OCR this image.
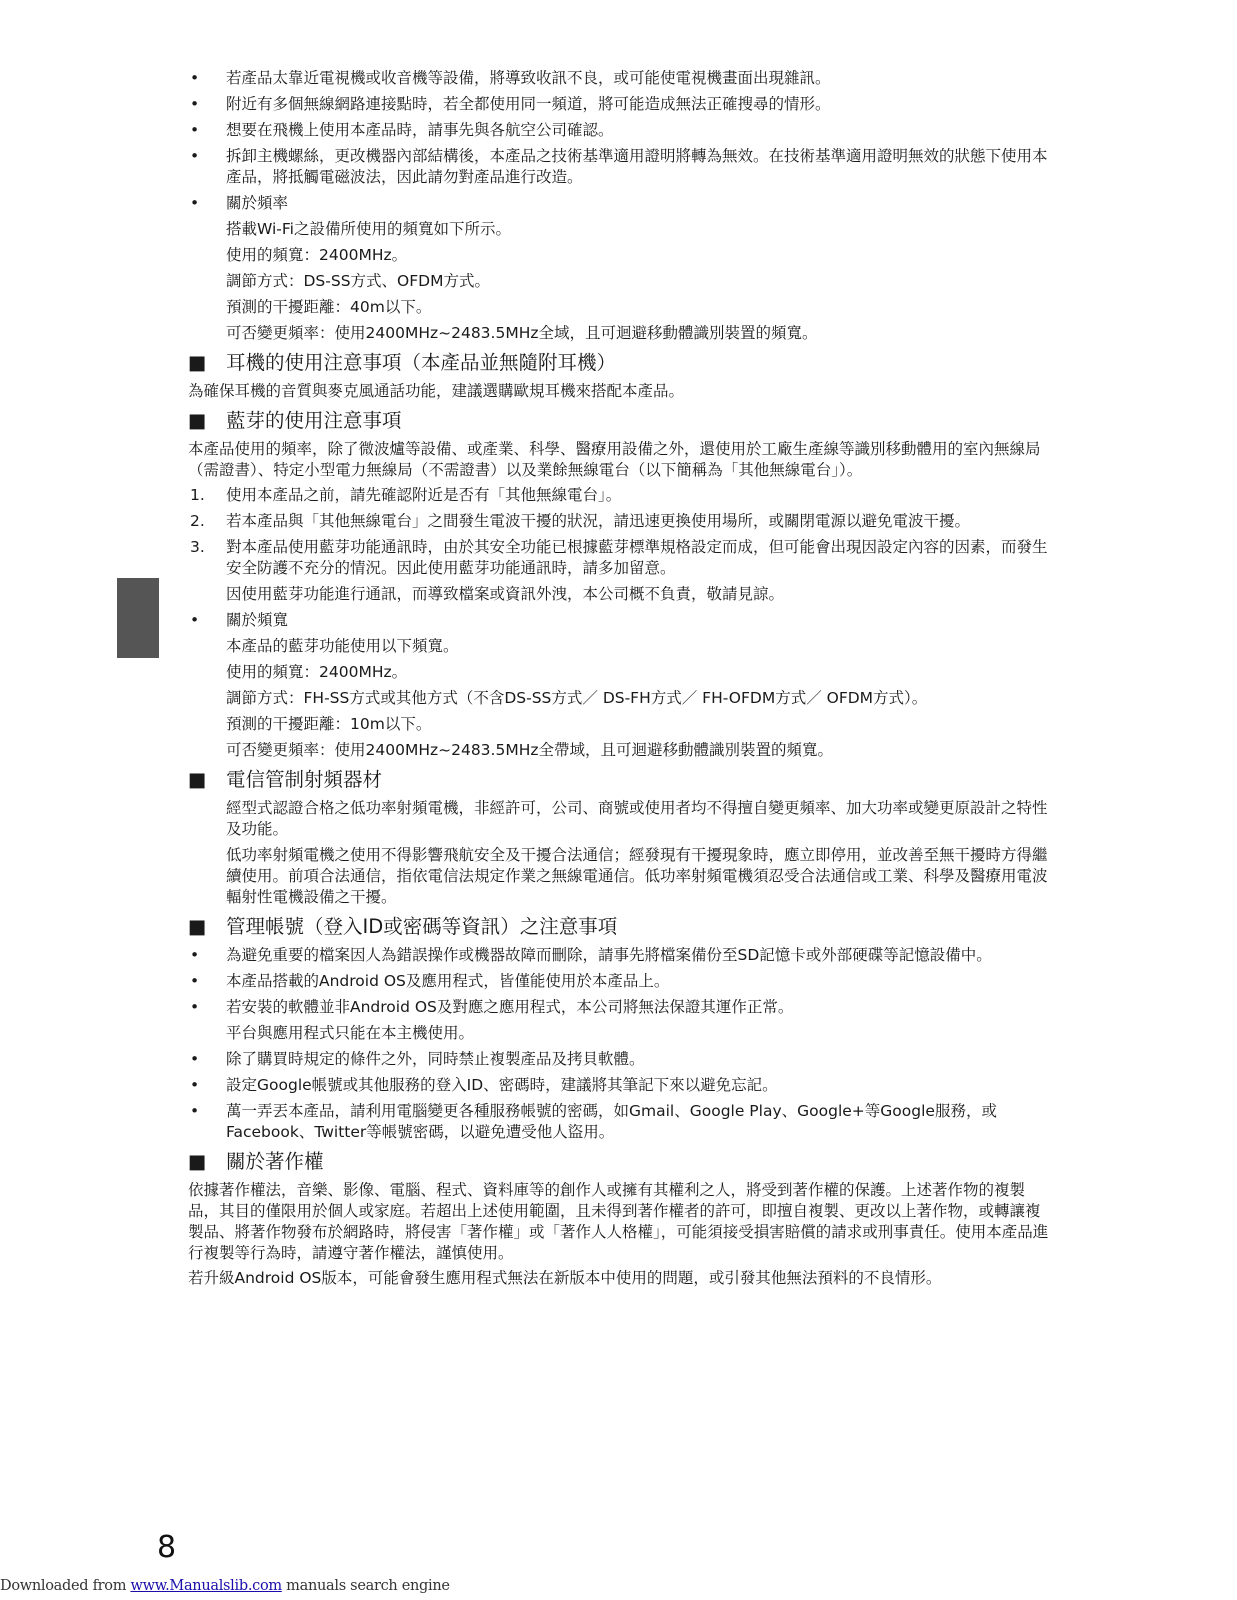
•	若產品太靠近電視機或收音機等設備，將導致收訊不良，或可能使電視機畫面出現雜訊。
•	附近有多個無線網路連接點時，若全都使用同一頻道，將可能造成無法正確搜尋的情形。
•	想要在飛機上使用本產品時，請事先與各航空公司確認。
•	拆卸主機螺絲，更改機器內部結構後，本產品之技術基準適用證明將轉為無效。在技術基準適用證明無效的狀態下使用本產品，將抵觸電磁波法，因此請勿對產品進行改造。
•	關於頻率
搭載Wi-Fi之設備所使用的頻寬如下所示。
使用的頻寬：2400MHz。
調節方式：DS-SS方式、OFDM方式。
預測的干擾距離：40m以下。
可否變更頻率：使用2400MHz~2483.5MHz全域，且可迴避移動體識別裝置的頻寬。
■	耳機的使用注意事項（本產品並無隨附耳機）
為確保耳機的音質與麥克風通話功能，建議選購歐規耳機來搭配本產品。
■	藍芽的使用注意事項
本產品使用的頻率，除了微波爐等設備、或產業、科學、醫療用設備之外，還使用於工廠生產線等識別移動體用的室內無線局（需證書）、特定小型電力無線局（不需證書）以及業餘無線電台（以下簡稱為「其他無線電台」）。
1.	使用本產品之前，請先確認附近是否有「其他無線電台」。
2.	若本產品與「其他無線電台」之間發生電波干擾的狀況，請迅速更換使用場所，或關閉電源以避免電波干擾。
3.	對本產品使用藍芽功能通訊時，由於其安全功能已根據藍芽標準規格設定而成，但可能會出現因設定內容的因素，而發生安全防護不充分的情況。因此使用藍芽功能通訊時，請多加留意。
因使用藍芽功能進行通訊，而導致檔案或資訊外洩，本公司概不負責，敬請見諒。
•	關於頻寬
本產品的藍芽功能使用以下頻寬。
使用的頻寬：2400MHz。
調節方式：FH-SS方式或其他方式（不含DS-SS方式／ DS-FH方式／ FH-OFDM方式／ OFDM方式）。
預測的干擾距離：10m以下。
可否變更頻率：使用2400MHz~2483.5MHz全帶域，且可迴避移動體識別裝置的頻寬。
■	電信管制射頻器材
經型式認證合格之低功率射頻電機，非經許可，公司、商號或使用者均不得擅自變更頻率、加大功率或變更原設計之特性及功能。
低功率射頻電機之使用不得影響飛航安全及干擾合法通信；經發現有干擾現象時，應立即停用，並改善至無干擾時方得繼續使用。前項合法通信，指依電信法規定作業之無線電通信。低功率射頻電機須忍受合法通信或工業、科學及醫療用電波輻射性電機設備之干擾。
■	管理帳號（登入ID或密碼等資訊）之注意事項
•	為避免重要的檔案因人為錯誤操作或機器故障而刪除，請事先將檔案備份至SD記憶卡或外部硬碟等記憶設備中。
•	本產品搭載的Android OS及應用程式，皆僅能使用於本產品上。
•	若安裝的軟體並非Android OS及對應之應用程式，本公司將無法保證其運作正常。
平台與應用程式只能在本主機使用。
•	除了購買時規定的條件之外，同時禁止複製產品及拷貝軟體。
•	設定Google帳號或其他服務的登入ID、密碼時，建議將其筆記下來以避免忘記。
•	萬一弄丟本產品，請利用電腦變更各種服務帳號的密碼，如Gmail、Google Play、Google+等Google服務，或Facebook、Twitter等帳號密碼，以避免遭受他人盜用。
■	關於著作權
依據著作權法，音樂、影像、電腦、程式、資料庫等的創作人或擁有其權利之人，將受到著作權的保護。上述著作物的複製品，其目的僅限用於個人或家庭。若超出上述使用範圍，且未得到著作權者的許可，即擅自複製、更改以上著作物，或轉讓複製品、將著作物發布於網路時，將侵害「著作權」或「著作人人格權」，可能須接受損害賠償的請求或刑事責任。使用本產品進行複製等行為時，請遵守著作權法，謹慎使用。
若升級Android OS版本，可能會發生應用程式無法在新版本中使用的問題，或引發其他無法預料的不良情形。
8
Downloaded from www.Manualslib.com manuals search engine
